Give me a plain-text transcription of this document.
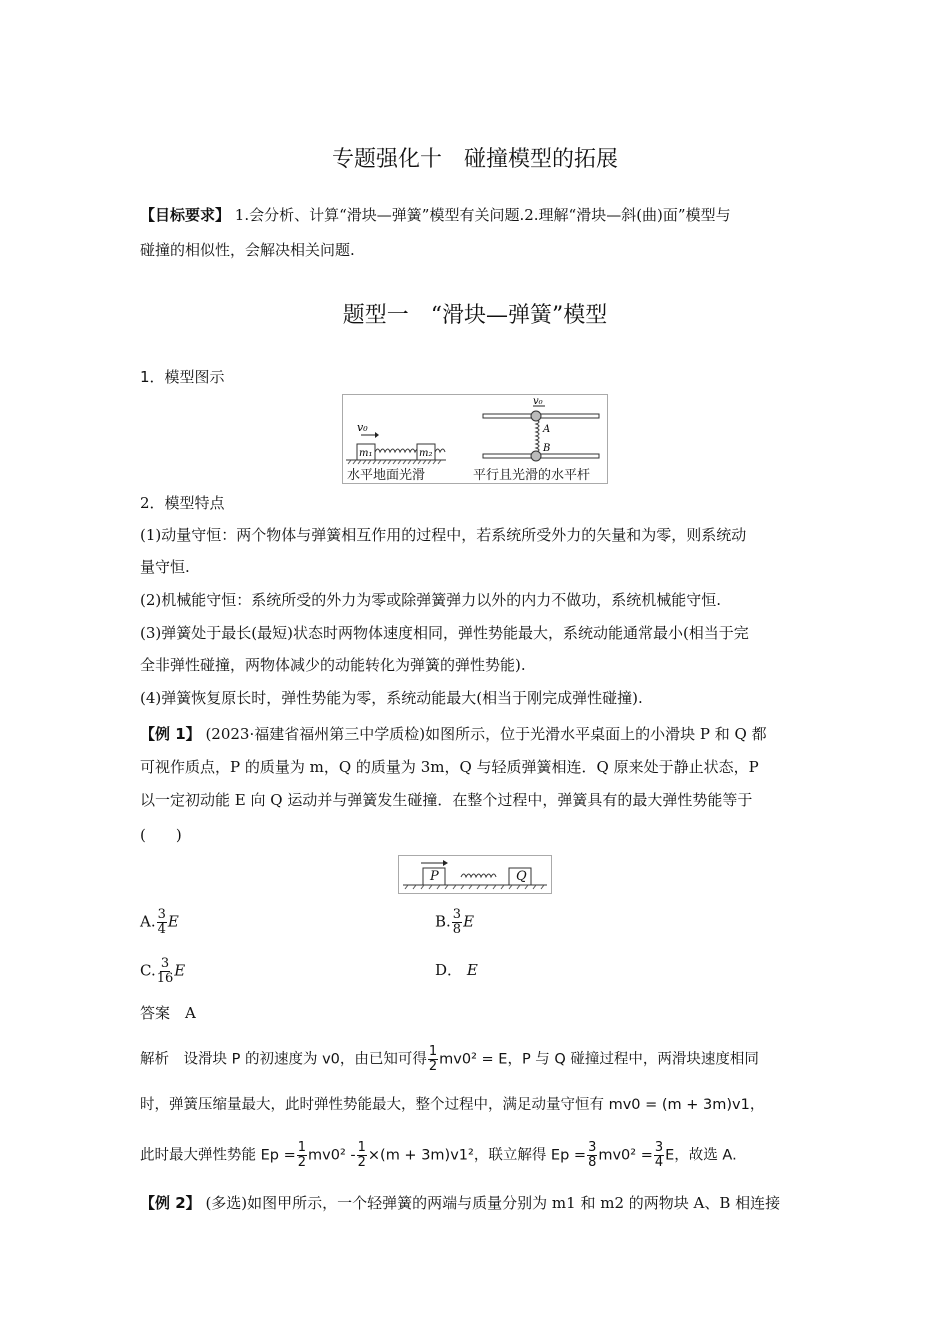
专题强化十　碰撞模型的拓展
【目标要求】 1.会分析、计算“滑块—弹簧”模型有关问题.2.理解“滑块—斜(曲)面”模型与
碰撞的相似性，会解决相关问题.
题型一　“滑块—弹簧”模型
1．模型图示
v₀
m₁	m₂
v₀
A
B
水平地面光滑	平行且光滑的水平杆
2．模型特点
(1)动量守恒：两个物体与弹簧相互作用的过程中，若系统所受外力的矢量和为零，则系统动
量守恒.
(2)机械能守恒：系统所受的外力为零或除弹簧弹力以外的内力不做功，系统机械能守恒.
(3)弹簧处于最长(最短)状态时两物体速度相同，弹性势能最大，系统动能通常最小(相当于完
全非弹性碰撞，两物体减少的动能转化为弹簧的弹性势能).
(4)弹簧恢复原长时，弹性势能为零，系统动能最大(相当于刚完成弹性碰撞).
【例 1】 (2023·福建省福州第三中学质检)如图所示，位于光滑水平桌面上的小滑块 P 和 Q 都
可视作质点，P 的质量为 m，Q 的质量为 3m，Q 与轻质弹簧相连．Q 原来处于静止状态，P
以一定初动能 E 向 Q 运动并与弹簧发生碰撞．在整个过程中，弹簧具有的最大弹性势能等于
(　　)
P	Q
A. $\frac{3}{4}$ E	B. $\frac{3}{8}$ E
C. $\frac{3}{16}$ E	D． E
答案　 A
解析　 设滑块 P 的初速度为 v0，由已知可得 $\frac{1}{2} mv0^2 = E$，P 与 Q 碰撞过程中，两滑块速度相同
时，弹簧压缩量最大，此时弹性势能最大，整个过程中，满足动量守恒有 mv0 = (m + 3m)v1，
此时最大弹性势能 $Ep = \frac{1}{2} mv0^2 - \frac{1}{2} \times(m + 3m)v1^2$，联立解得 $Ep = \frac{3}{8} mv0^2 = \frac{3}{4}$ E，故选 A.
【例 2】 (多选)如图甲所示，一个轻弹簧的两端与质量分别为 m1 和 m2 的两物块 A、B 相连接
